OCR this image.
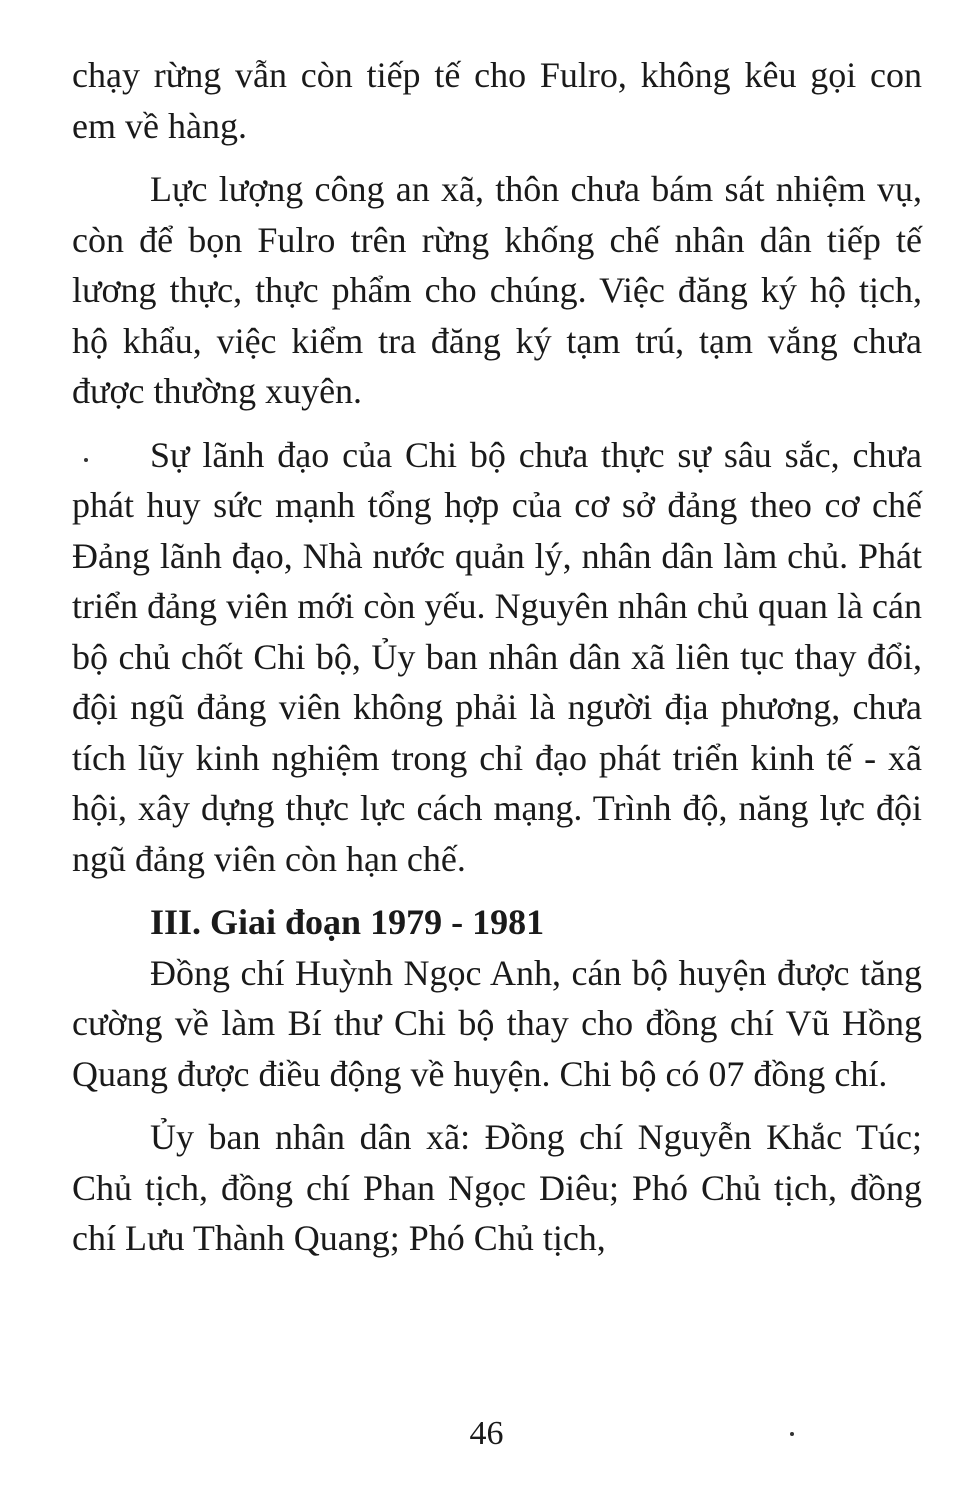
chạy rừng vẫn còn tiếp tế cho Fulro, không kêu gọi con em về hàng.

Lực lượng công an xã, thôn chưa bám sát nhiệm vụ, còn để bọn Fulro trên rừng khống chế nhân dân tiếp tế lương thực, thực phẩm cho chúng. Việc đăng ký hộ tịch, hộ khẩu, việc kiểm tra đăng ký tạm trú, tạm vắng chưa được thường xuyên.

Sự lãnh đạo của Chi bộ chưa thực sự sâu sắc, chưa phát huy sức mạnh tổng hợp của cơ sở đảng theo cơ chế Đảng lãnh đạo, Nhà nước quản lý, nhân dân làm chủ. Phát triển đảng viên mới còn yếu. Nguyên nhân chủ quan là cán bộ chủ chốt Chi bộ, Ủy ban nhân dân xã liên tục thay đổi, đội ngũ đảng viên không phải là người địa phương, chưa tích lũy kinh nghiệm trong chỉ đạo phát triển kinh tế - xã hội, xây dựng thực lực cách mạng. Trình độ, năng lực đội ngũ đảng viên còn hạn chế.

III. Giai đoạn 1979 - 1981

Đồng chí Huỳnh Ngọc Anh, cán bộ huyện được tăng cường về làm Bí thư Chi bộ thay cho đồng chí Vũ Hồng Quang được điều động về huyện. Chi bộ có 07 đồng chí.

Ủy ban nhân dân xã: Đồng chí Nguyễn Khắc Túc; Chủ tịch, đồng chí Phan Ngọc Diêu; Phó Chủ tịch, đồng chí Lưu Thành Quang; Phó Chủ tịch,

46
